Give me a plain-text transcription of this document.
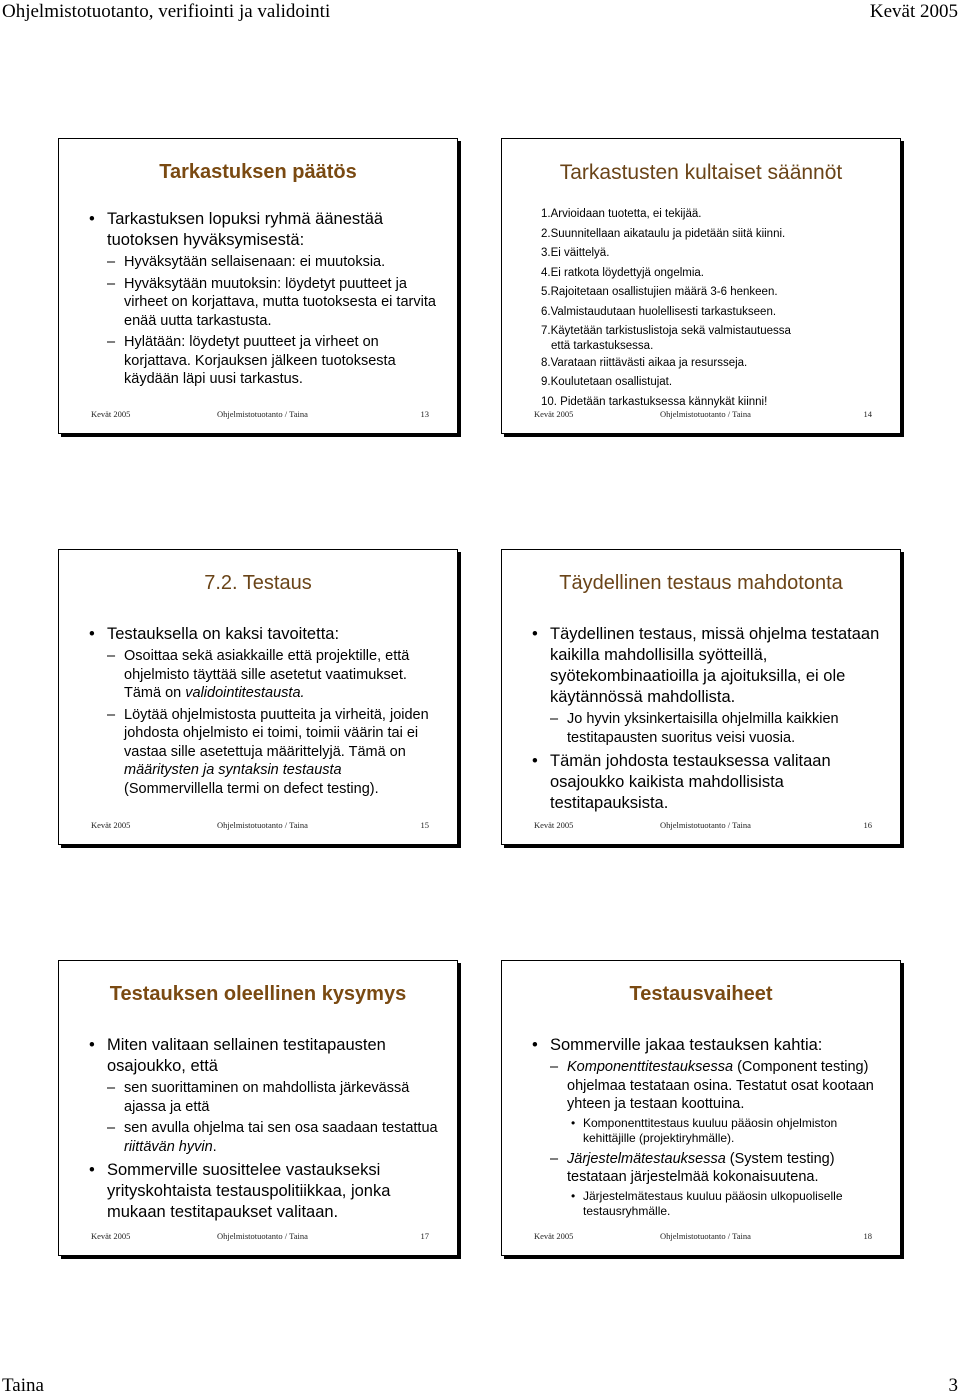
Ohjelmistotuotanto, verifiointi ja validointi	Kevät 2005
Tarkastuksen päätös
• Tarkastuksen lopuksi ryhmä äänestää tuotoksen hyväksymisestä:
– Hyväksytään sellaisenaan: ei muutoksia.
– Hyväksytään muutoksin: löydetyt puutteet ja virheet on korjattava, mutta tuotoksesta ei tarvita enää uutta tarkastusta.
– Hylätään: löydetyt puutteet ja virheet on korjattava. Korjauksen jälkeen tuotoksesta käydään läpi uusi tarkastus.
Kevät 2005	Ohjelmistotuotanto / Taina	13
Tarkastusten kultaiset säännöt
1.Arvioidaan tuotetta, ei tekijää.
2.Suunnitellaan aikataulu ja pidetään siitä kiinni.
3.Ei väittelyä.
4.Ei ratkota löydettyjä ongelmia.
5.Rajoitetaan osallistujien määrä 3-6 henkeen.
6.Valmistaudutaan huolellisesti tarkastukseen.
7.Käytetään tarkistuslistoja sekä valmistautuessa
että tarkastuksessa.
8.Varataan riittävästi aikaa ja resursseja.
9.Koulutetaan osallistujat.
10. Pidetään tarkastuksessa kännykät kiinni!
Kevät 2005	Ohjelmistotuotanto / Taina	14
7.2. Testaus
• Testauksella on kaksi tavoitetta:
– Osoittaa sekä asiakkaille että projektille, että ohjelmisto täyttää sille asetetut vaatimukset. Tämä on validointitestausta.
– Löytää ohjelmistosta puutteita ja virheitä, joiden johdosta ohjelmisto ei toimi, toimii väärin tai ei vastaa sille asetettuja määrittelyjä. Tämä on määritysten ja syntaksin testausta (Sommervillella termi on defect testing).
Kevät 2005	Ohjelmistotuotanto / Taina	15
Täydellinen testaus mahdotonta
• Täydellinen testaus, missä ohjelma testataan kaikilla mahdollisilla syötteillä, syötekombinaatioilla ja ajoituksilla, ei ole käytännössä mahdollista.
– Jo hyvin yksinkertaisilla ohjelmilla kaikkien testitapausten suoritus veisi vuosia.
• Tämän johdosta testauksessa valitaan osajoukko kaikista mahdollisista testitapauksista.
Kevät 2005	Ohjelmistotuotanto / Taina	16
Testauksen oleellinen kysymys
• Miten valitaan sellainen testitapausten osajoukko, että
– sen suorittaminen on mahdollista järkevässä ajassa ja että
– sen avulla ohjelma tai sen osa saadaan testattua riittävän hyvin.
• Sommerville suosittelee vastaukseksi yrityskohtaista testauspolitiikkaa, jonka mukaan testitapaukset valitaan.
Kevät 2005	Ohjelmistotuotanto / Taina	17
Testausvaiheet
• Sommerville jakaa testauksen kahtia:
– Komponenttitestauksessa (Component testing) ohjelmaa testataan osina. Testatut osat kootaan yhteen ja testaan koottuina.
• Komponenttitestaus kuuluu pääosin ohjelmiston kehittäjille (projektiryhmälle).
– Järjestelmätestauksessa (System testing) testataan järjestelmää kokonaisuutena.
• Järjestelmätestaus kuuluu pääosin ulkopuoliselle testausryhmälle.
Kevät 2005	Ohjelmistotuotanto / Taina	18
Taina	3
